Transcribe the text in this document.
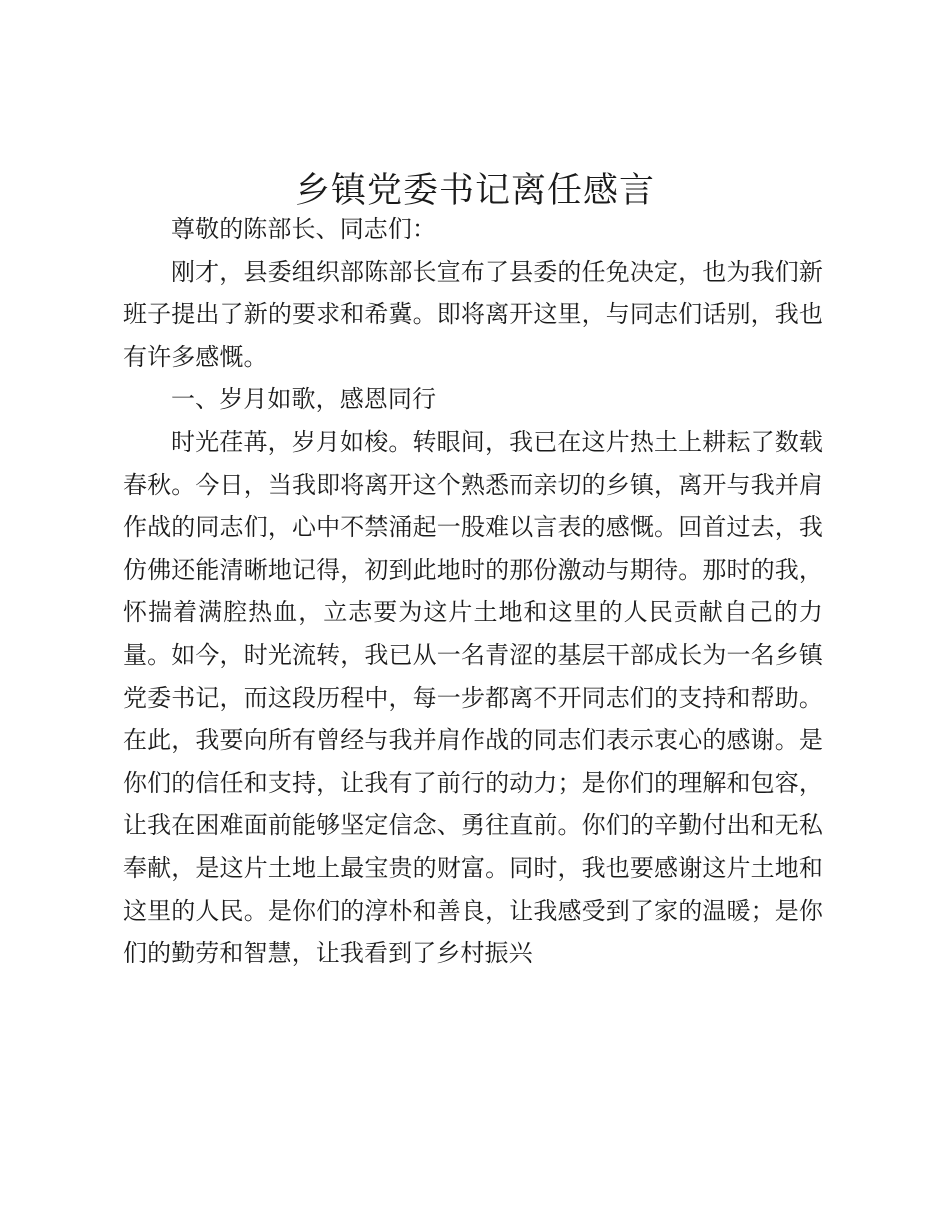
乡镇党委书记离任感言

尊敬的陈部长、同志们：

刚才，县委组织部陈部长宣布了县委的任免决定，也为我们新班子提出了新的要求和希冀。即将离开这里，与同志们话别，我也有许多感慨。

一、岁月如歌，感恩同行

时光荏苒，岁月如梭。转眼间，我已在这片热土上耕耘了数载春秋。今日，当我即将离开这个熟悉而亲切的乡镇，离开与我并肩作战的同志们，心中不禁涌起一股难以言表的感慨。回首过去，我仿佛还能清晰地记得，初到此地时的那份激动与期待。那时的我，怀揣着满腔热血，立志要为这片土地和这里的人民贡献自己的力量。如今，时光流转，我已从一名青涩的基层干部成长为一名乡镇党委书记，而这段历程中，每一步都离不开同志们的支持和帮助。在此，我要向所有曾经与我并肩作战的同志们表示衷心的感谢。是你们的信任和支持，让我有了前行的动力；是你们的理解和包容，让我在困难面前能够坚定信念、勇往直前。你们的辛勤付出和无私奉献，是这片土地上最宝贵的财富。同时，我也要感谢这片土地和这里的人民。是你们的淳朴和善良，让我感受到了家的温暖；是你们的勤劳和智慧，让我看到了乡村振兴
